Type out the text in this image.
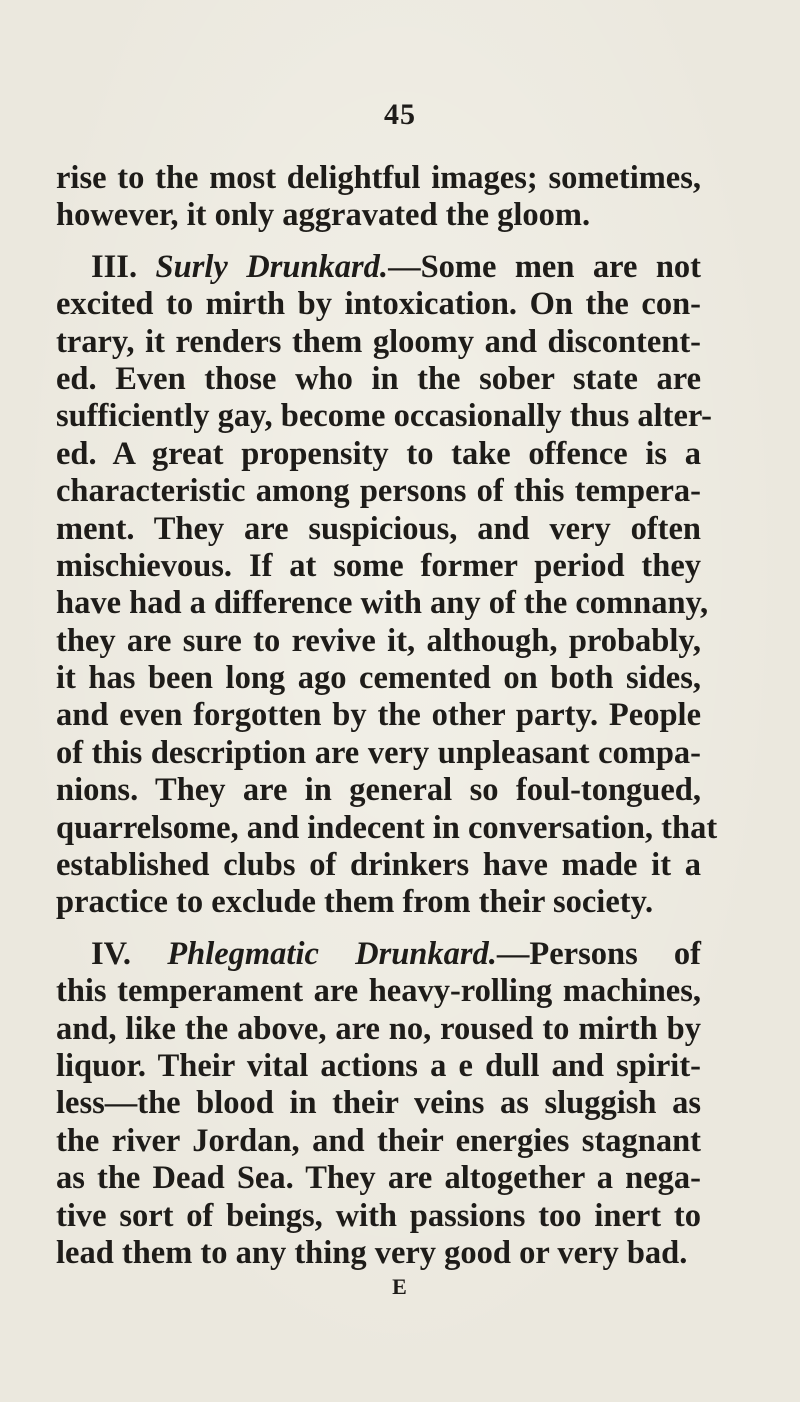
45
rise to the most delightful images; sometimes,
however, it only aggravated the gloom.
III. Surly Drunkard.—Some men are not
excited to mirth by intoxication. On the con-
trary, it renders them gloomy and discontent-
ed. Even those who in the sober state are
sufficiently gay, become occasionally thus alter-
ed. A great propensity to take offence is a
characteristic among persons of this tempera-
ment. They are suspicious, and very often
mischievous. If at some former period they
have had a difference with any of the comnany,
they are sure to revive it, although, probably,
it has been long ago cemented on both sides,
and even forgotten by the other party. People
of this description are very unpleasant compa-
nions. They are in general so foul-tongued,
quarrelsome, and indecent in conversation, that
established clubs of drinkers have made it a
practice to exclude them from their society.
IV. Phlegmatic Drunkard.—Persons of
this temperament are heavy-rolling machines,
and, like the above, are no, roused to mirth by
liquor. Their vital actions a e dull and spirit-
less—the blood in their veins as sluggish as
the river Jordan, and their energies stagnant
as the Dead Sea. They are altogether a nega-
tive sort of beings, with passions too inert to
lead them to any thing very good or very bad.
E
